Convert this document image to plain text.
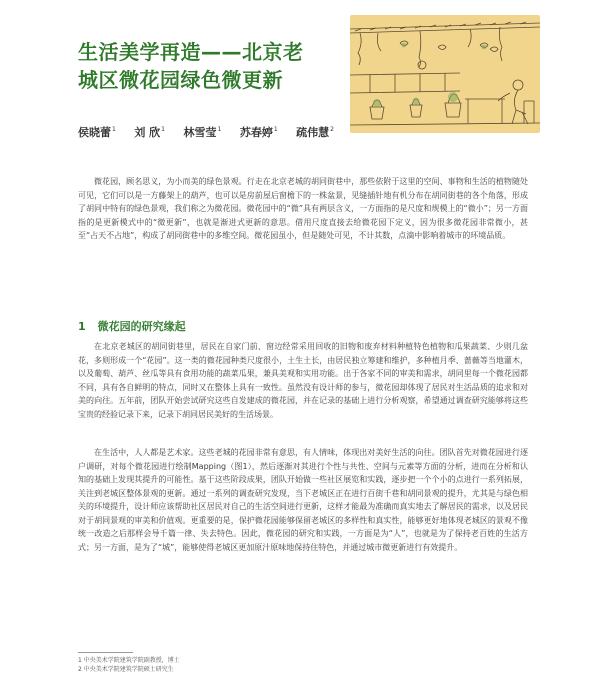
生活美学再造——北京老
城区微花园绿色微更新
侯晓蕾$^1$ 刘 欣$^1$ 林雪莹$^1$ 苏春婷$^1$ 疏伟慧$^2$

微花园，顾名思义，为小而美的绿色景观。行走在北京老城的胡同街巷中，那些依附于这里的空间、事物和生活的植物随处可见，它们可以是一方藤架上的葫芦，也可以是房前屋后窗檐下的一株盆景，见缝插针地有机分布在胡同街巷的各个角落，形成了胡同中特有的绿色景观，我们称之为微花园。微花园中的“微”具有两层含义，一方面指的是尺度和规模上的“微小”；另一方面指的是更新模式中的“微更新”，也就是渐进式更新的意思。借用尺度直接去给微花园下定义，因为很多微花园非常微小，甚至“占天不占地”，构成了胡同街巷中的多维空间。微花园虽小，但是随处可见，不计其数，点滴中影响着城市的环境品质。

1 微花园的研究缘起

在北京老城区的胡同街巷里，居民在自家门前、窗边经常采用回收的旧物和废弃材料种植特色植物和瓜果蔬菜、少则几盆花，多则形成一个“花园”。这一类的微花园种类尺度很小，土生土长，由居民独立筹建和维护，多种植月季、蔷薇等当地灌木，以及葡萄、葫芦、丝瓜等具有食用功能的蔬菜瓜果，兼具美观和实用功能。出于各家不同的审美和需求，胡同里每一个微花园都不同，具有各自鲜明的特点，同时又在整体上具有一致性。虽然没有设计师的参与，微花园却体现了居民对生活品质的追求和对美的向往。五年前，团队开始尝试研究这些自发建成的微花园，并在记录的基础上进行分析观察，希望通过调查研究能够将这些宝贵的经验记录下来，记录下胡同居民美好的生活场景。

在生活中，人人都是艺术家。这些老城的花园非常有意思，有人情味，体现出对美好生活的向往。团队首先对微花园进行逐户调研，对每个微花园进行绘制Mapping（图1），然后逐渐对其进行个性与共性、空间与元素等方面的分析，进而在分析和认知的基础上发现其提升的可能性。基于这些阶段成果，团队开始做一些社区展览和实践，逐步把一个个小的点进行一系列拓展，关注到老城区整体景观的更新。通过一系列的调查研究发现，当下老城区正在进行百街千巷和胡同景观的提升，尤其是与绿色相关的环境提升，设计师应该帮助社区居民对自己的生活空间进行更新，这样才能最为准确而真实地去了解居民的需求，以及居民对于胡同景观的审美和价值观。更重要的是，保护微花园能够保留老城区的多样性和真实性，能够更好地体现老城区的景观不像统一改造之后那样会导千篇一律、失去特色。因此，微花园的研究和实践，一方面是为“人”，也就是为了保持老百姓的生活方式；另一方面，是为了“城”，能够使得老城区更加原汁原味地保持住特色，并通过城市微更新进行有效提升。

1 中央美术学院建筑学院副教授，博士
2 中央美术学院建筑学院硕士研究生
